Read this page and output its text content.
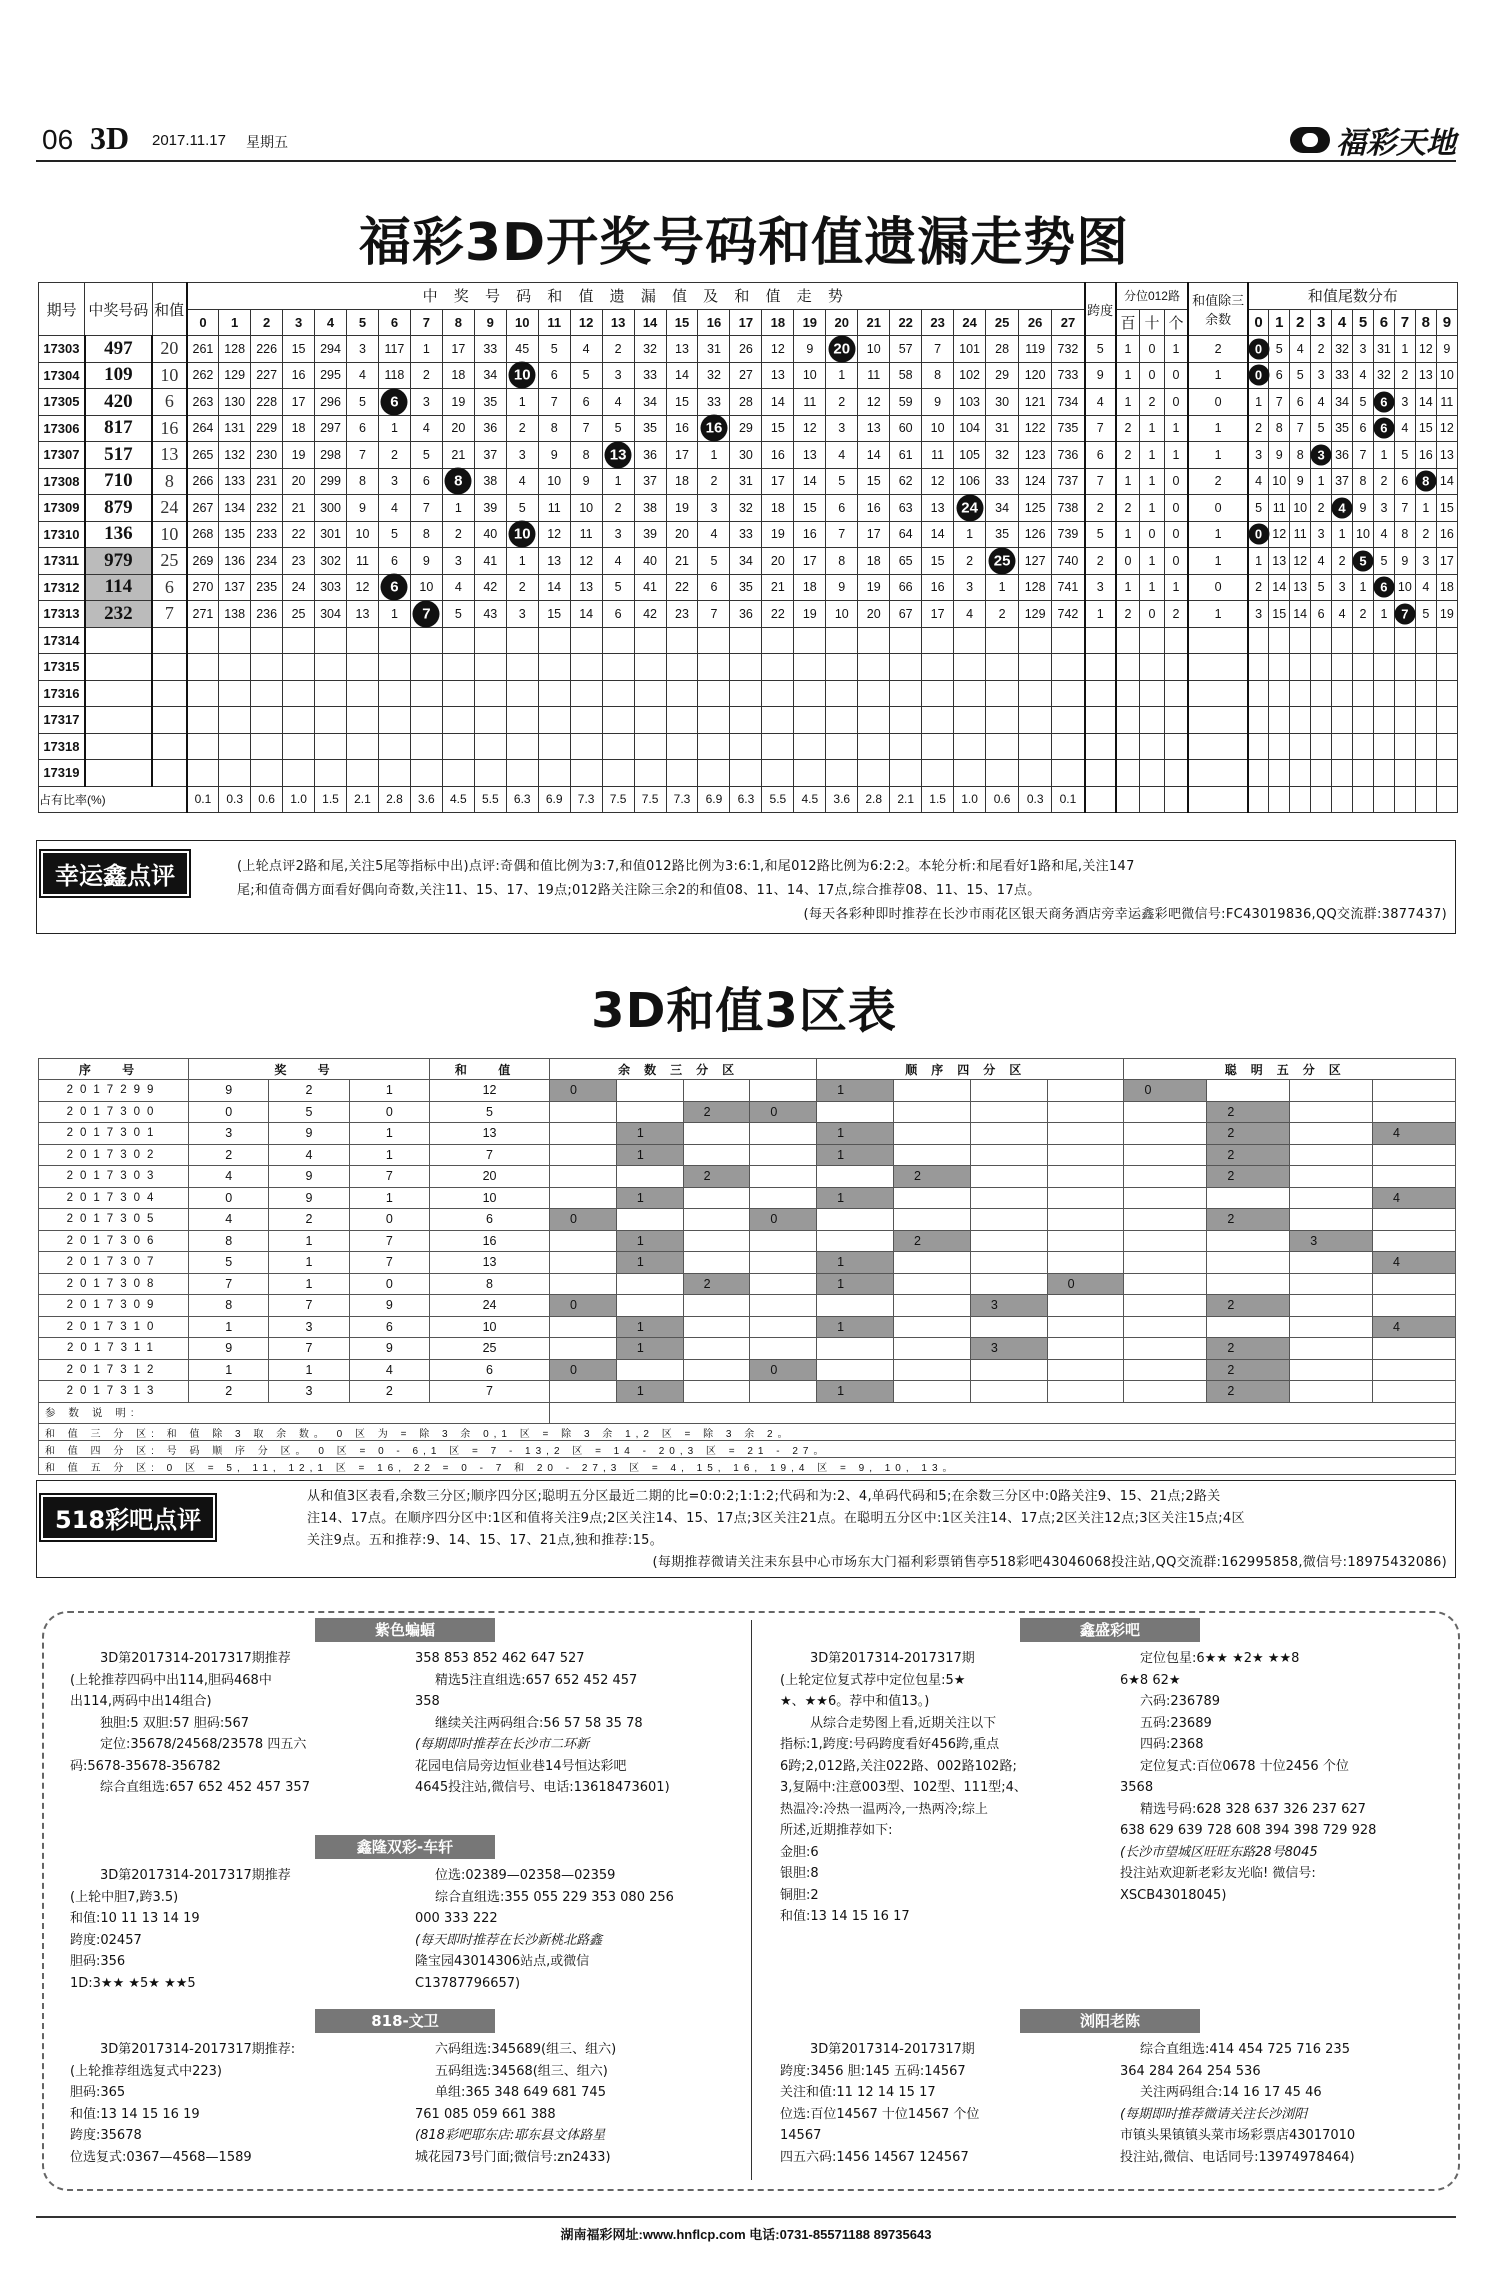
06 3D 2017.11.17 星期五	福彩天地
福彩3D开奖号码和值遗漏走势图
期号	中奖号码	和值	中 奖 号 码 和 值 遗 漏 值 及 和 值 走 势																												跨度	分位012路			和值除三余数	和值尾数分布									
			0	1	2	3	4	5	6	7	8	9	10	11	12	13	14	15	16	17	18	19	20	21	22	23	24	25	26	27		百	十	个		0	1	2	3	4	5	6	7	8	9
17303	497	20	261	128	226	15	294	3	117	1	17	33	45	5	4	2	32	13	31	26	12	9	20	10	57	7	101	28	119	732	5	1	0	1	2	0	5	4	2	32	3	31	1	12	9
17304	109	10	262	129	227	16	295	4	118	2	18	34	10	6	5	3	33	14	32	27	13	10	1	11	58	8	102	29	120	733	9	1	0	0	1	0	6	5	3	33	4	32	2	13	10
17305	420	6	263	130	228	17	296	5	6	3	19	35	1	7	6	4	34	15	33	28	14	11	2	12	59	9	103	30	121	734	4	1	2	0	0	1	7	6	4	34	5	6	3	14	11
17306	817	16	264	131	229	18	297	6	1	4	20	36	2	8	7	5	35	16	16	29	15	12	3	13	60	10	104	31	122	735	7	2	1	1	1	2	8	7	5	35	6	6	4	15	12
17307	517	13	265	132	230	19	298	7	2	5	21	37	3	9	8	13	36	17	1	30	16	13	4	14	61	11	105	32	123	736	6	2	1	1	1	3	9	8	3	36	7	1	5	16	13
17308	710	8	266	133	231	20	299	8	3	6	8	38	4	10	9	1	37	18	2	31	17	14	5	15	62	12	106	33	124	737	7	1	1	0	2	4	10	9	1	37	8	2	6	8	14
17309	879	24	267	134	232	21	300	9	4	7	1	39	5	11	10	2	38	19	3	32	18	15	6	16	63	13	24	34	125	738	2	2	1	0	0	5	11	10	2	4	9	3	7	1	15
17310	136	10	268	135	233	22	301	10	5	8	2	40	10	12	11	3	39	20	4	33	19	16	7	17	64	14	1	35	126	739	5	1	0	0	1	0	12	11	3	1	10	4	8	2	16
17311	979	25	269	136	234	23	302	11	6	9	3	41	1	13	12	4	40	21	5	34	20	17	8	18	65	15	2	25	127	740	2	0	1	0	1	1	13	12	4	2	5	5	9	3	17
17312	114	6	270	137	235	24	303	12	6	10	4	42	2	14	13	5	41	22	6	35	21	18	9	19	66	16	3	1	128	741	3	1	1	1	0	2	14	13	5	3	1	6	10	4	18
17313	232	7	271	138	236	25	304	13	1	7	5	43	3	15	14	6	42	23	7	36	22	19	10	20	67	17	4	2	129	742	1	2	0	2	1	3	15	14	6	4	2	1	7	5	19
17314																																													
17315																																													
17316																																													
17317																																													
17318																																													
17319																																													
占有比率(%)			0.1	0.3	0.6	1.0	1.5	2.1	2.8	3.6	4.5	5.5	6.3	6.9	7.3	7.5	7.5	7.3	6.9	6.3	5.5	4.5	3.6	2.8	2.1	1.5	1.0	0.6	0.3	0.1															
幸运鑫点评	(上轮点评2路和尾,关注5尾等指标中出)点评:奇偶和值比例为3:7,和值012路比例为3:6:1,和尾012路比例为6:2:2。本轮分析:和尾看好1路和尾,关注147
尾;和值奇偶方面看好偶向奇数,关注11、15、17、19点;012路关注除三余2的和值08、11、14、17点,综合推荐08、11、15、17点。
(每天各彩种即时推荐在长沙市雨花区银天商务酒店旁幸运鑫彩吧微信号:FC43019836,QQ交流群:3877437)
3D和值3区表
序 号	奖 号			和 值	余数三分区				顺序四分区				聪明五分区			
2017299	9	2	1	12	0				1				0			
2017300	0	5	0	5			2	0						2		
2017301	3	9	1	13		1			1					2		4
2017302	2	4	1	7		1			1					2		
2017303	4	9	7	20			2			2				2		
2017304	0	9	1	10		1			1							4
2017305	4	2	0	6	0			0						2		
2017306	8	1	7	16		1				2					3	
2017307	5	1	7	13		1			1							4
2017308	7	1	0	8			2		1			0				
2017309	8	7	9	24	0						3			2		
2017310	1	3	6	10		1			1							4
2017311	9	7	9	25		1					3			2		
2017312	1	1	4	6	0			0						2		
2017313	2	3	2	7		1			1					2		
参 数 说 明:																
和 值 三 分 区: 和 值 除 3 取 余 数。 0 区 为 = 除 3 余 0,1 区 = 除 3 余 1,2 区 = 除 3 余 2。																
和 值 四 分 区: 号 码 顺 序 分 区。 0 区 = 0 - 6,1 区 = 7 - 13,2 区 = 14 - 20,3 区 = 21 - 27。																
和 值 五 分 区: 0 区 = 5, 11, 12,1 区 = 16, 22 = 0 - 7 和 20 - 27,3 区 = 4, 15, 16, 19,4 区 = 9, 10, 13。																
518彩吧点评
从和值3区表看,余数三分区;顺序四分区;聪明五分区最近二期的比=0:0:2;1:1:2;代码和为:2、4,单码代码和5;在余数三分区中:0路关注9、15、21点;2路关
注14、17点。在顺序四分区中:1区和值将关注9点;2区关注14、15、17点;3区关注21点。在聪明五分区中:1区关注14、17点;2区关注12点;3区关注15点;4区
关注9点。五和推荐:9、14、15、17、21点,独和推荐:15。
(每期推荐微请关注耒东县中心市场东大门福利彩票销售亭518彩吧43046068投注站,QQ交流群:162995858,微信号:18975432086)
紫色蝙蝠
3D第2017314-2017317期推荐
(上轮推荐四码中出114,胆码468中
出114,两码中出14组合)
独胆:5 双胆:57 胆码:567
定位:35678/24568/23578 四五六
码:5678-35678-356782
综合直组选:657 652 452 457 357
358 853 852 462 647 527
精选5注直组选:657 652 452 457
358
继续关注两码组合:56 57 58 35 78
(每期即时推荐在长沙市二环新
花园电信局旁边恒业巷14号恒达彩吧
4645投注站,微信号、电话:13618473601)
鑫隆双彩-车轩
3D第2017314-2017317期推荐
(上轮中胆7,跨3.5)
和值:10 11 13 14 19
跨度:02457
胆码:356
1D:3★★ ★5★ ★★5
位选:02389—02358—02359
综合直组选:355 055 229 353 080 256
000 333 222
(每天即时推荐在长沙新桃北路鑫
隆宝园43014306站点,或微信
C13787796657)
818-文卫
3D第2017314-2017317期推荐:
(上轮推荐组选复式中223)
胆码:365
和值:13 14 15 16 19
跨度:35678
位选复式:0367—4568—1589
六码组选:345689(组三、组六)
五码组选:34568(组三、组六)
单组:365 348 649 681 745
761 085 059 661 388
(818彩吧耶东店:耶东县文体路星
城花园73号门面;微信号:zn2433)
鑫盛彩吧
3D第2017314-2017317期
(上轮定位复式荐中定位包星:5★
★、★★6。荐中和值13。)
从综合走势图上看,近期关注以下
指标:1,跨度:号码跨度看好456跨,重点
6跨;2,012路,关注022路、002路102路;
3,复隔中:注意003型、102型、111型;4、
热温冷:冷热一温两冷,一热两冷;综上
所述,近期推荐如下:
金胆:6
银胆:8
铜胆:2
和值:13 14 15 16 17
定位包星:6★★ ★2★ ★★8
6★8 62★
六码:236789
五码:23689
四码:2368
定位复式:百位0678 十位2456 个位
3568
精选号码:628 328 637 326 237 627
638 629 639 728 608 394 398 729 928
(长沙市望城区旺旺东路28号8045
投注站欢迎新老彩友光临! 微信号:
XSCB43018045)
浏阳老陈
3D第2017314-2017317期
跨度:3456 胆:145 五码:14567
关注和值:11 12 14 15 17
位选:百位14567 十位14567 个位
14567
四五六码:1456 14567 124567
综合直组选:414 454 725 716 235
364 284 264 254 536
关注两码组合:14 16 17 45 46
(每期即时推荐微请关注长沙浏阳
市镇头果镇镇头菜市场彩票店43017010
投注站,微信、电话同号:13974978464)
湖南福彩网址:www.hnflcp.com 电话:0731-85571188 89735643
